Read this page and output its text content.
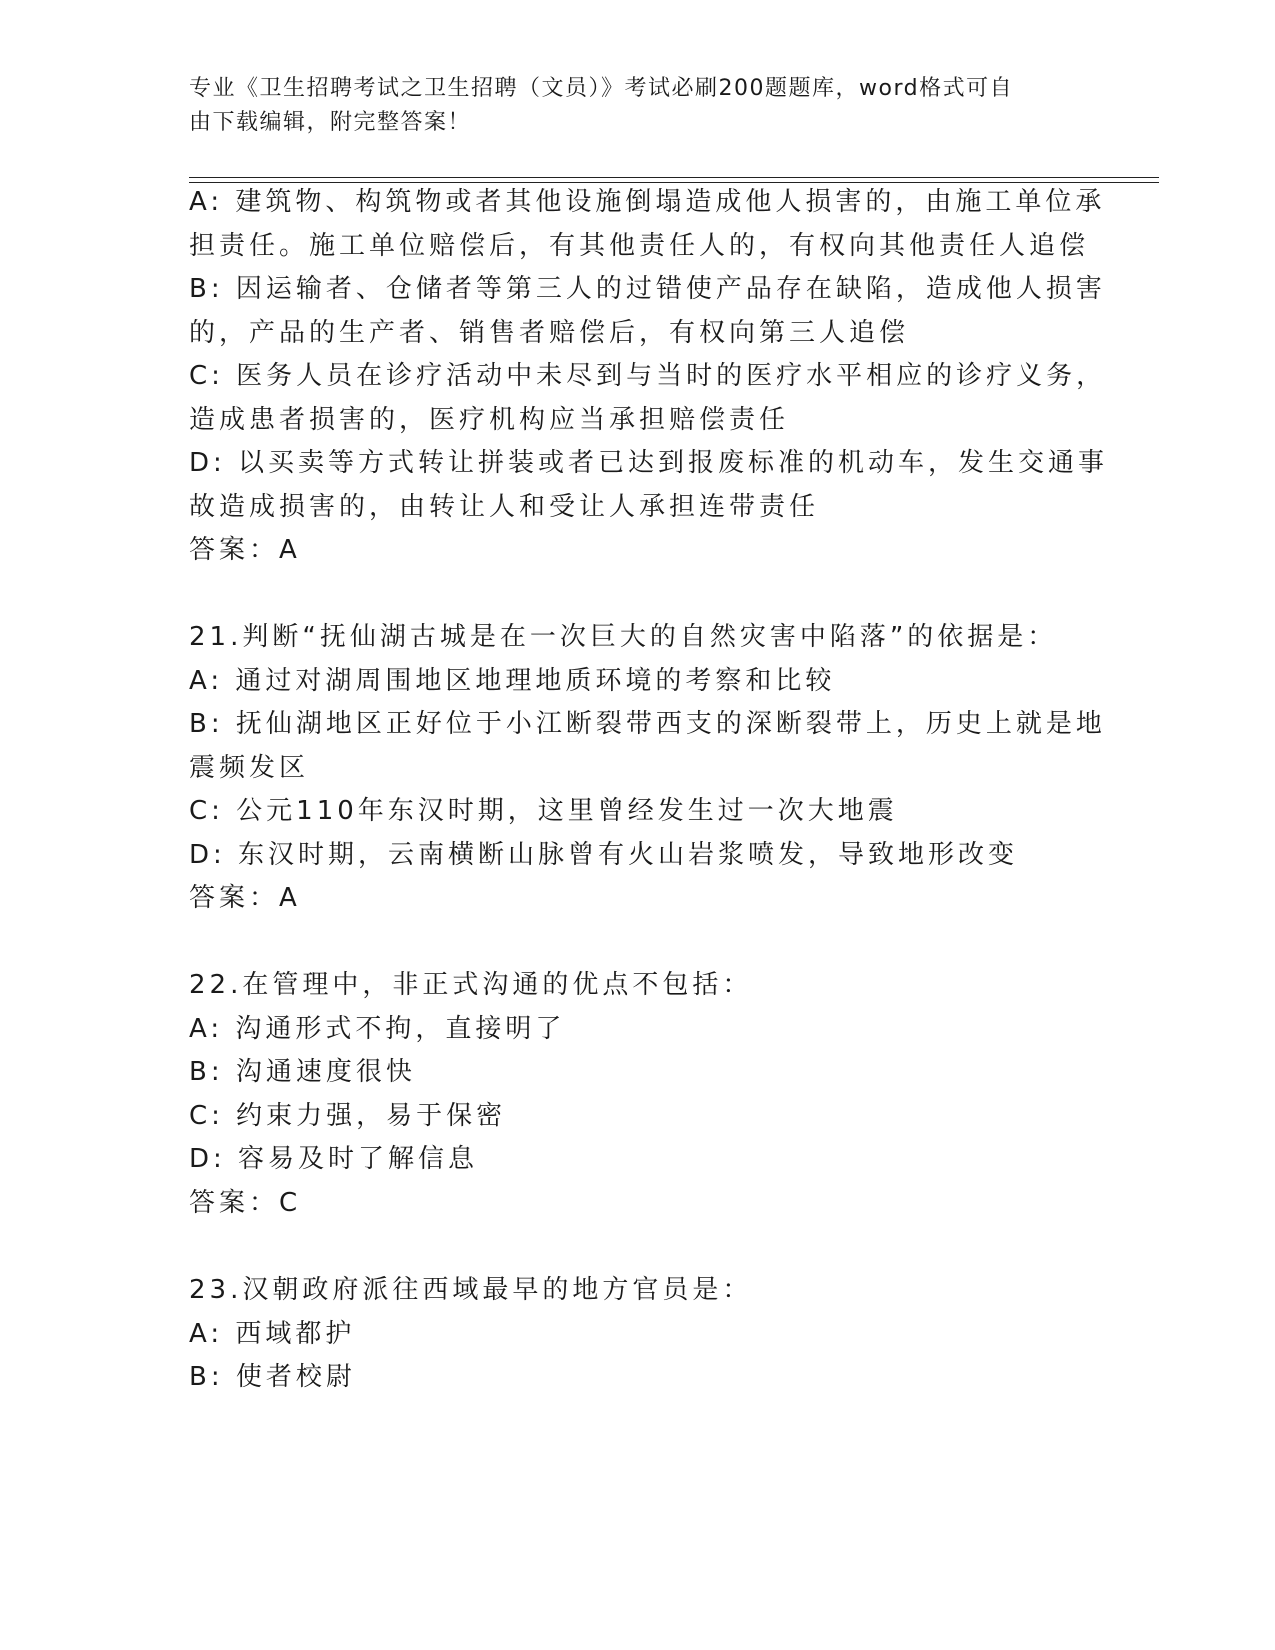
专业《卫生招聘考试之卫生招聘（文员）》考试必刷200题题库，word格式可自
由下载编辑，附完整答案！
A: 建筑物、构筑物或者其他设施倒塌造成他人损害的，由施工单位承
担责任。施工单位赔偿后，有其他责任人的，有权向其他责任人追偿
B: 因运输者、仓储者等第三人的过错使产品存在缺陷，造成他人损害
的，产品的生产者、销售者赔偿后，有权向第三人追偿
C: 医务人员在诊疗活动中未尽到与当时的医疗水平相应的诊疗义务，
造成患者损害的，医疗机构应当承担赔偿责任
D: 以买卖等方式转让拼装或者已达到报废标准的机动车，发生交通事
故造成损害的，由转让人和受让人承担连带责任
答案：A
21.判断“抚仙湖古城是在一次巨大的自然灾害中陷落”的依据是：
A: 通过对湖周围地区地理地质环境的考察和比较
B: 抚仙湖地区正好位于小江断裂带西支的深断裂带上，历史上就是地
震频发区
C: 公元110年东汉时期，这里曾经发生过一次大地震
D: 东汉时期，云南横断山脉曾有火山岩浆喷发，导致地形改变
答案：A
22.在管理中，非正式沟通的优点不包括：
A: 沟通形式不拘，直接明了
B: 沟通速度很快
C: 约束力强，易于保密
D: 容易及时了解信息
答案：C
23.汉朝政府派往西域最早的地方官员是：
A: 西域都护
B: 使者校尉
